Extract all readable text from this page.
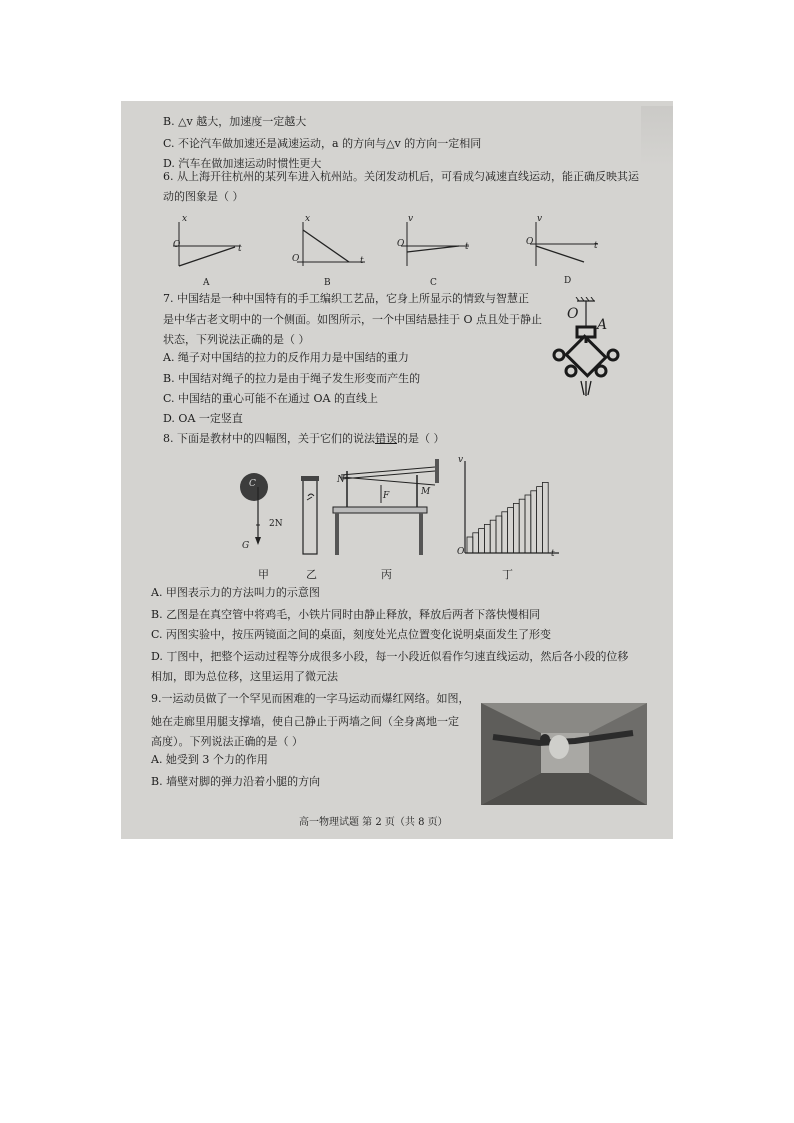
B. △v 越大，加速度一定越大
C. 不论汽车做加速还是减速运动，a 的方向与△v 的方向一定相同
D. 汽车在做加速运动时惯性更大
6. 从上海开往杭州的某列车进入杭州站。关闭发动机后，可看成匀减速直线运动，能正确反映其运
动的图象是（ ）
x
O	t
A
x
O	t
B
v
O	t
C
v
O	t
D
7. 中国结是一种中国特有的手工编织工艺品，它身上所显示的情致与智慧正
是中华古老文明中的一个侧面。如图所示，一个中国结悬挂于 O 点且处于静止
状态，下列说法正确的是（ ）
A. 绳子对中国结的拉力的反作用力是中国结的重力
B. 中国结对绳子的拉力是由于绳子发生形变而产生的
C. 中国结的重心可能不在通过 OA 的直线上
D. OA 一定竖直
O
A
8. 下面是教材中的四幅图，关于它们的说法错误的是（ ）
C
2N
G
甲	乙
N
M
F
丙
v
O	t
丁
A. 甲图表示力的方法叫力的示意图
B. 乙图是在真空管中将鸡毛，小铁片同时由静止释放，释放后两者下落快慢相同
C. 丙图实验中，按压两镜面之间的桌面，刻度处光点位置变化说明桌面发生了形变
D. 丁图中，把整个运动过程等分成很多小段，每一小段近似看作匀速直线运动，然后各小段的位移
相加，即为总位移，这里运用了微元法
9.一运动员做了一个罕见而困难的一字马运动而爆红网络。如图，
她在走廊里用腿支撑墙，使自己静止于两墙之间（全身离地一定
高度）。下列说法正确的是（ ）
A. 她受到 3 个力的作用
B. 墙壁对脚的弹力沿着小腿的方向
高一物理试题 第 2 页（共 8 页）
